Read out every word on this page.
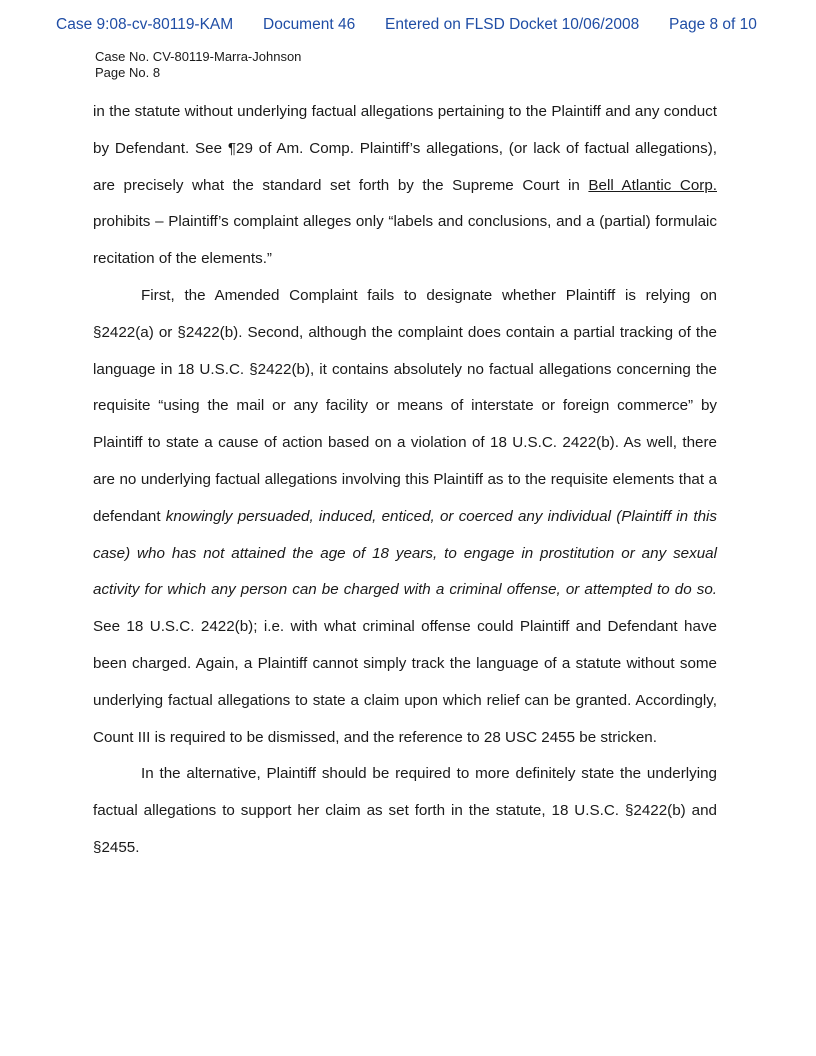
Case 9:08-cv-80119-KAM Document 46 Entered on FLSD Docket 10/06/2008 Page 8 of 10
Case No. CV-80119-Marra-Johnson
Page No. 8

in the statute without underlying factual allegations pertaining to the Plaintiff and any conduct by Defendant. See ¶29 of Am. Comp. Plaintiff’s allegations, (or lack of factual allegations), are precisely what the standard set forth by the Supreme Court in Bell Atlantic Corp. prohibits – Plaintiff’s complaint alleges only “labels and conclusions, and a (partial) formulaic recitation of the elements.”

First, the Amended Complaint fails to designate whether Plaintiff is relying on §2422(a) or §2422(b). Second, although the complaint does contain a partial tracking of the language in 18 U.S.C. §2422(b), it contains absolutely no factual allegations concerning the requisite “using the mail or any facility or means of interstate or foreign commerce” by Plaintiff to state a cause of action based on a violation of 18 U.S.C. 2422(b). As well, there are no underlying factual allegations involving this Plaintiff as to the requisite elements that a defendant knowingly persuaded, induced, enticed, or coerced any individual (Plaintiff in this case) who has not attained the age of 18 years, to engage in prostitution or any sexual activity for which any person can be charged with a criminal offense, or attempted to do so. See 18 U.S.C. 2422(b); i.e. with what criminal offense could Plaintiff and Defendant have been charged. Again, a Plaintiff cannot simply track the language of a statute without some underlying factual allegations to state a claim upon which relief can be granted. Accordingly, Count III is required to be dismissed, and the reference to 28 USC 2455 be stricken.

In the alternative, Plaintiff should be required to more definitely state the underlying factual allegations to support her claim as set forth in the statute, 18 U.S.C. §2422(b) and §2455.
